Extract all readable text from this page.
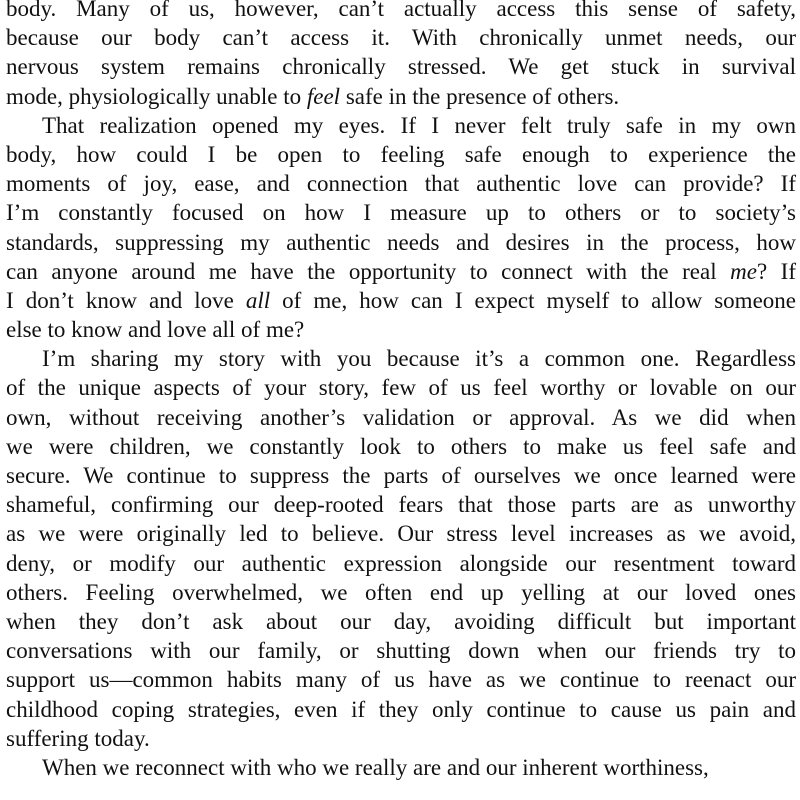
body. Many of us, however, can’t actually access this sense of safety,
because our body can’t access it. With chronically unmet needs, our
nervous system remains chronically stressed. We get stuck in survival
mode, physiologically unable to feel safe in the presence of others.
That realization opened my eyes. If I never felt truly safe in my own
body, how could I be open to feeling safe enough to experience the
moments of joy, ease, and connection that authentic love can provide? If
I’m constantly focused on how I measure up to others or to society’s
standards, suppressing my authentic needs and desires in the process, how
can anyone around me have the opportunity to connect with the real me? If
I don’t know and love all of me, how can I expect myself to allow someone
else to know and love all of me?
I’m sharing my story with you because it’s a common one. Regardless
of the unique aspects of your story, few of us feel worthy or lovable on our
own, without receiving another’s validation or approval. As we did when
we were children, we constantly look to others to make us feel safe and
secure. We continue to suppress the parts of ourselves we once learned were
shameful, confirming our deep-rooted fears that those parts are as unworthy
as we were originally led to believe. Our stress level increases as we avoid,
deny, or modify our authentic expression alongside our resentment toward
others. Feeling overwhelmed, we often end up yelling at our loved ones
when they don’t ask about our day, avoiding difficult but important
conversations with our family, or shutting down when our friends try to
support us—common habits many of us have as we continue to reenact our
childhood coping strategies, even if they only continue to cause us pain and
suffering today.
When we reconnect with who we really are and our inherent worthiness,
